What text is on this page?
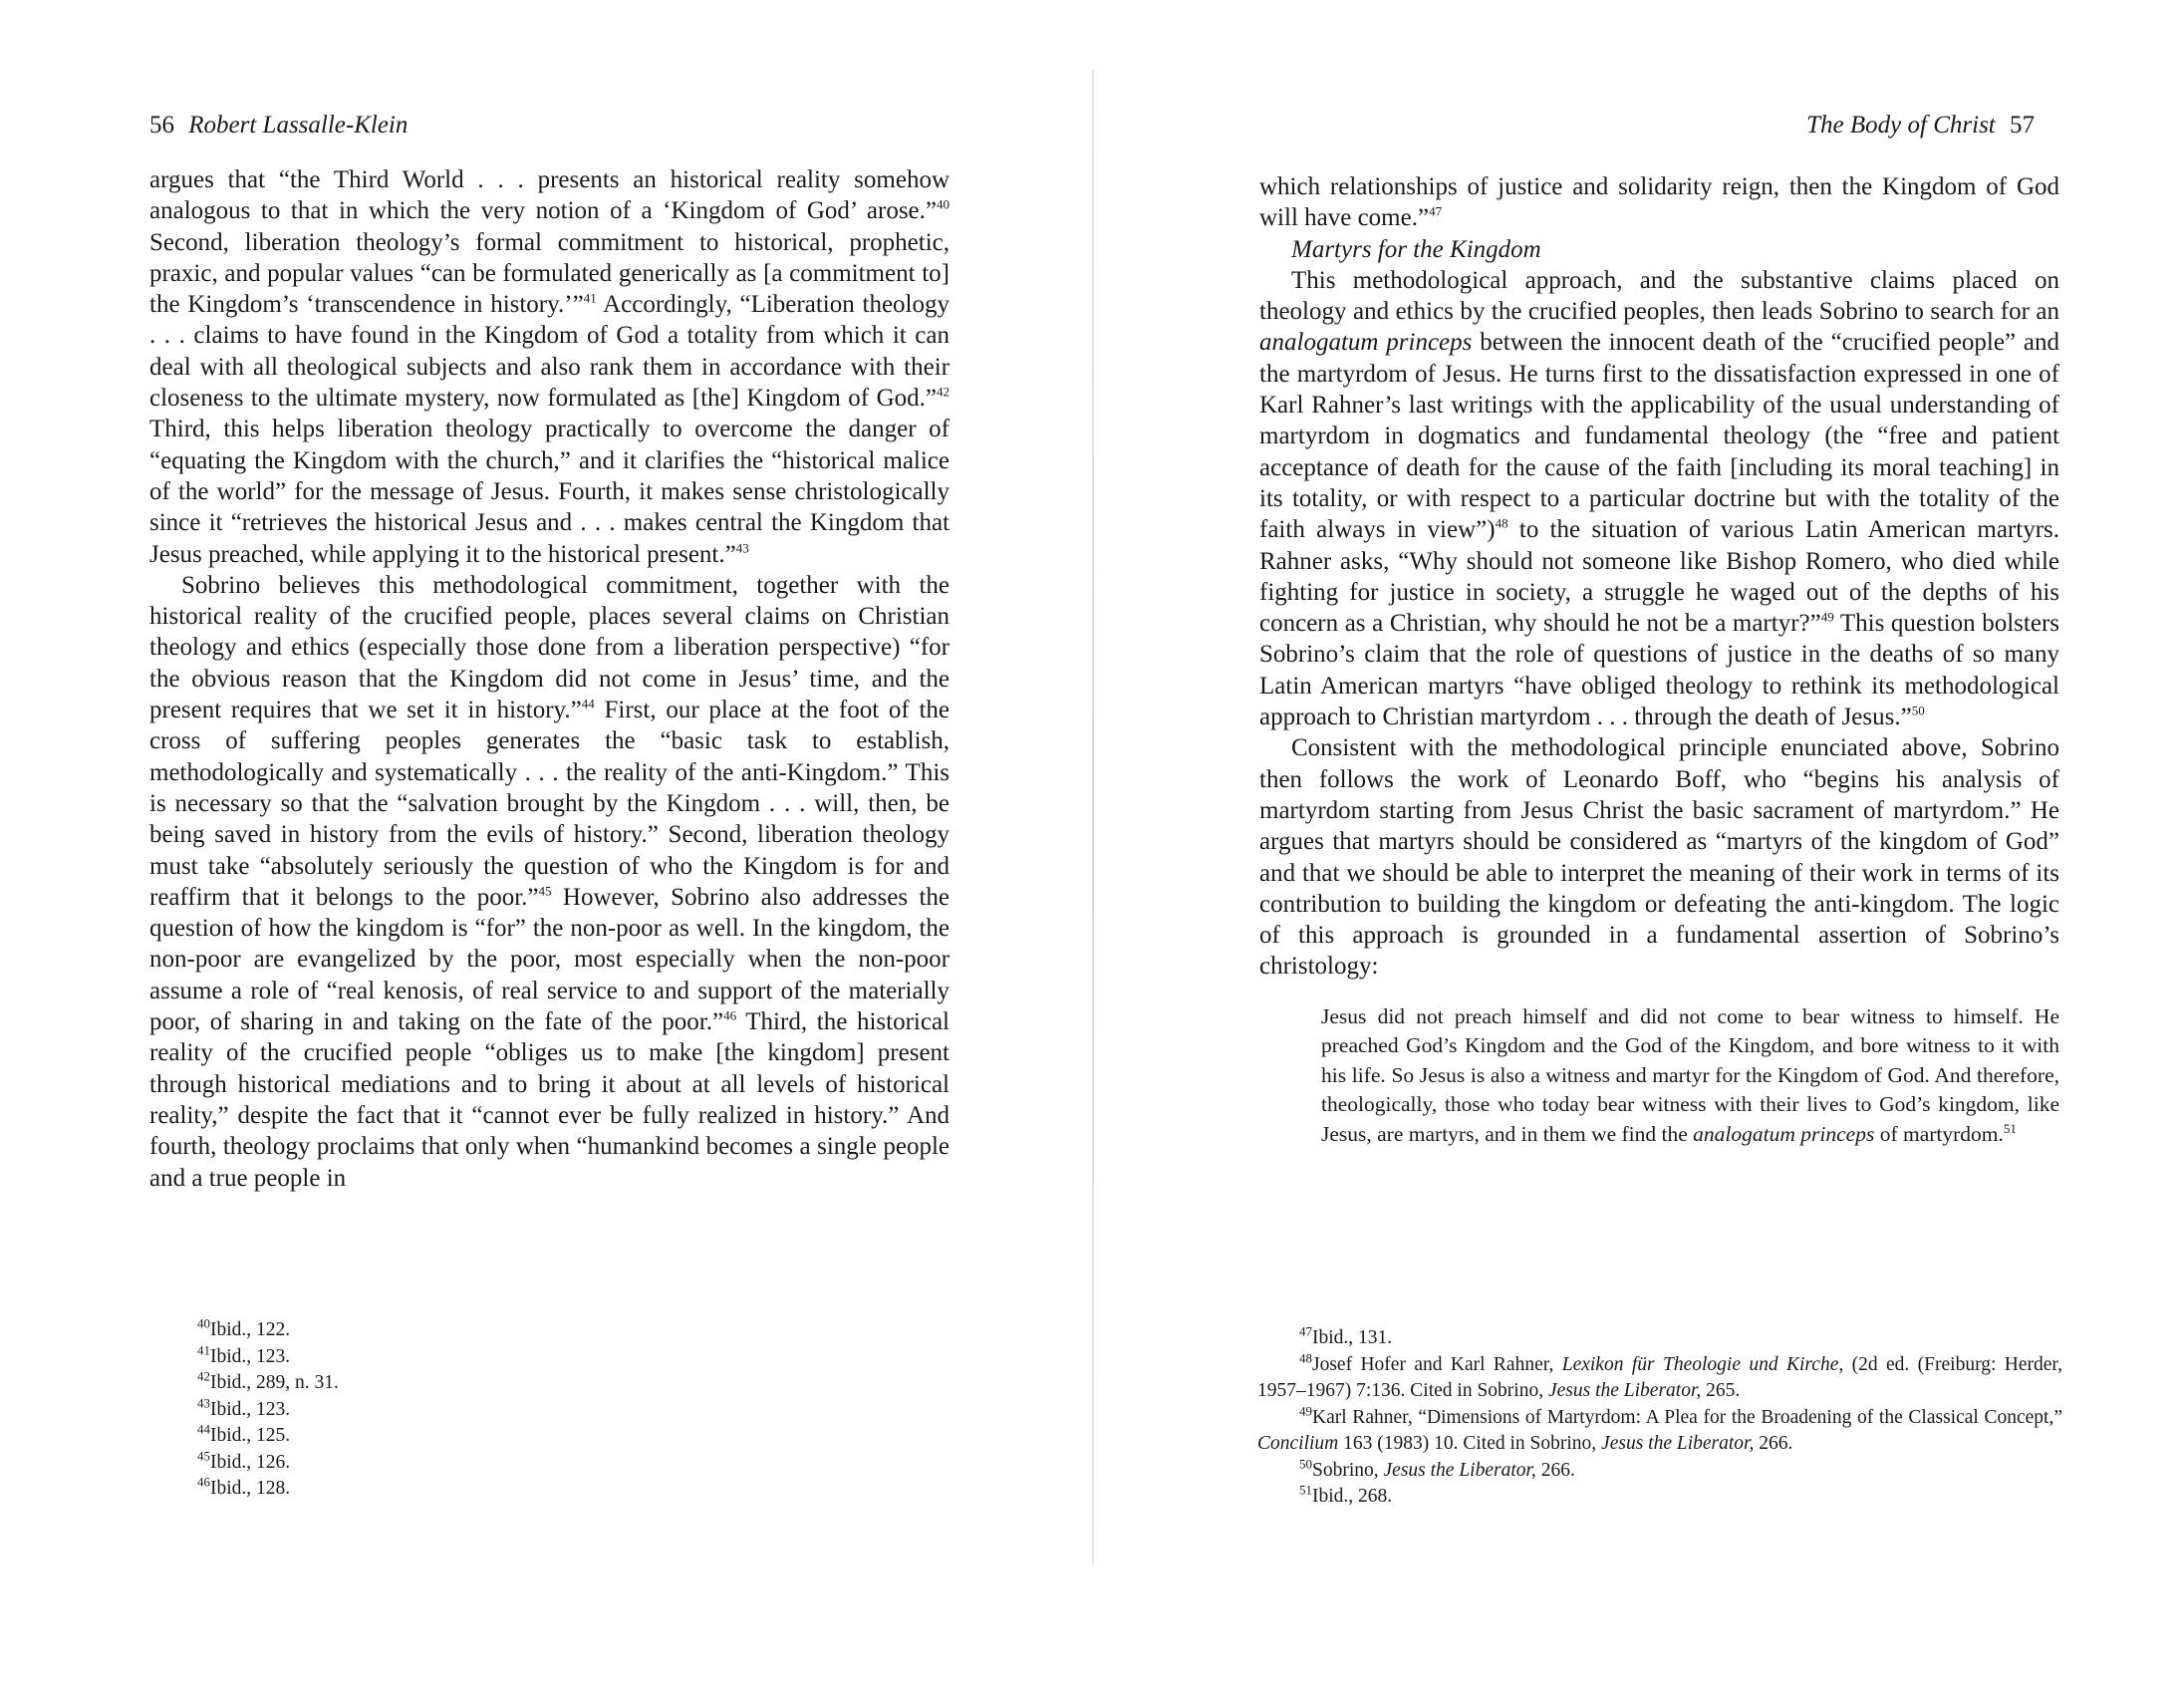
56 Robert Lassalle-Klein

argues that “the Third World . . . presents an historical reality somehow analogous to that in which the very notion of a ‘Kingdom of God’ arose.”$^{40}$ Second, liberation theology’s formal commitment to historical, prophetic, praxic, and popular values “can be formulated generically as [a commitment to] the Kingdom’s ‘transcendence in history.’”$^{41}$ Accordingly, “Liberation theology . . . claims to have found in the Kingdom of God a totality from which it can deal with all theological subjects and also rank them in accordance with their closeness to the ultimate mystery, now formulated as [the] Kingdom of God.”$^{42}$ Third, this helps liberation theology practically to overcome the danger of “equating the Kingdom with the church,” and it clarifies the “historical malice of the world” for the message of Jesus. Fourth, it makes sense christologically since it “retrieves the historical Jesus and . . . makes central the Kingdom that Jesus preached, while applying it to the historical present.”$^{43}$

Sobrino believes this methodological commitment, together with the historical reality of the crucified people, places several claims on Christian theology and ethics (especially those done from a liberation perspective) “for the obvious reason that the Kingdom did not come in Jesus’ time, and the present requires that we set it in history.”$^{44}$ First, our place at the foot of the cross of suffering peoples generates the “basic task to establish, methodologically and systematically . . . the reality of the anti-Kingdom.” This is necessary so that the “salvation brought by the Kingdom . . . will, then, be being saved in history from the evils of history.” Second, liberation theology must take “absolutely seriously the question of who the Kingdom is for and reaffirm that it belongs to the poor.”$^{45}$ However, Sobrino also addresses the question of how the kingdom is “for” the non-poor as well. In the kingdom, the non-poor are evangelized by the poor, most especially when the non-poor assume a role of “real kenosis, of real service to and support of the materially poor, of sharing in and taking on the fate of the poor.”$^{46}$ Third, the historical reality of the crucified people “obliges us to make [the kingdom] present through historical mediations and to bring it about at all levels of historical reality,” despite the fact that it “cannot ever be fully realized in history.” And fourth, theology proclaims that only when “humankind becomes a single people and a true people in

$^{40}$Ibid., 122.
$^{41}$Ibid., 123.
$^{42}$Ibid., 289, n. 31.
$^{43}$Ibid., 123.
$^{44}$Ibid., 125.
$^{45}$Ibid., 126.
$^{46}$Ibid., 128.
The Body of Christ 57

which relationships of justice and solidarity reign, then the Kingdom of God will have come.”$^{47}$

Martyrs for the Kingdom

This methodological approach, and the substantive claims placed on theology and ethics by the crucified peoples, then leads Sobrino to search for an analogatum princeps between the innocent death of the “crucified people” and the martyrdom of Jesus. He turns first to the dissatisfaction expressed in one of Karl Rahner’s last writings with the applicability of the usual understanding of martyrdom in dogmatics and fundamental theology (the “free and patient acceptance of death for the cause of the faith [including its moral teaching] in its totality, or with respect to a particular doctrine but with the totality of the faith always in view”)$^{48}$ to the situation of various Latin American martyrs. Rahner asks, “Why should not someone like Bishop Romero, who died while fighting for justice in society, a struggle he waged out of the depths of his concern as a Christian, why should he not be a martyr?”$^{49}$ This question bolsters Sobrino’s claim that the role of questions of justice in the deaths of so many Latin American martyrs “have obliged theology to rethink its methodological approach to Christian martyrdom . . . through the death of Jesus.”$^{50}$

Consistent with the methodological principle enunciated above, Sobrino then follows the work of Leonardo Boff, who “begins his analysis of martyrdom starting from Jesus Christ the basic sacrament of martyrdom.” He argues that martyrs should be considered as “martyrs of the kingdom of God” and that we should be able to interpret the meaning of their work in terms of its contribution to building the kingdom or defeating the anti-kingdom. The logic of this approach is grounded in a fundamental assertion of Sobrino’s christology:

Jesus did not preach himself and did not come to bear witness to himself. He preached God’s Kingdom and the God of the Kingdom, and bore witness to it with his life. So Jesus is also a witness and martyr for the Kingdom of God. And therefore, theologically, those who today bear witness with their lives to God’s kingdom, like Jesus, are martyrs, and in them we find the analogatum princeps of martyrdom.$^{51}$
$^{47}$Ibid., 131.
$^{48}$Josef Hofer and Karl Rahner, Lexikon für Theologie und Kirche, (2d ed. (Freiburg: Herder, 1957–1967) 7:136. Cited in Sobrino, Jesus the Liberator, 265.
$^{49}$Karl Rahner, “Dimensions of Martyrdom: A Plea for the Broadening of the Classical Concept,” Concilium 163 (1983) 10. Cited in Sobrino, Jesus the Liberator, 266.
$^{50}$Sobrino, Jesus the Liberator, 266.
$^{51}$Ibid., 268.
